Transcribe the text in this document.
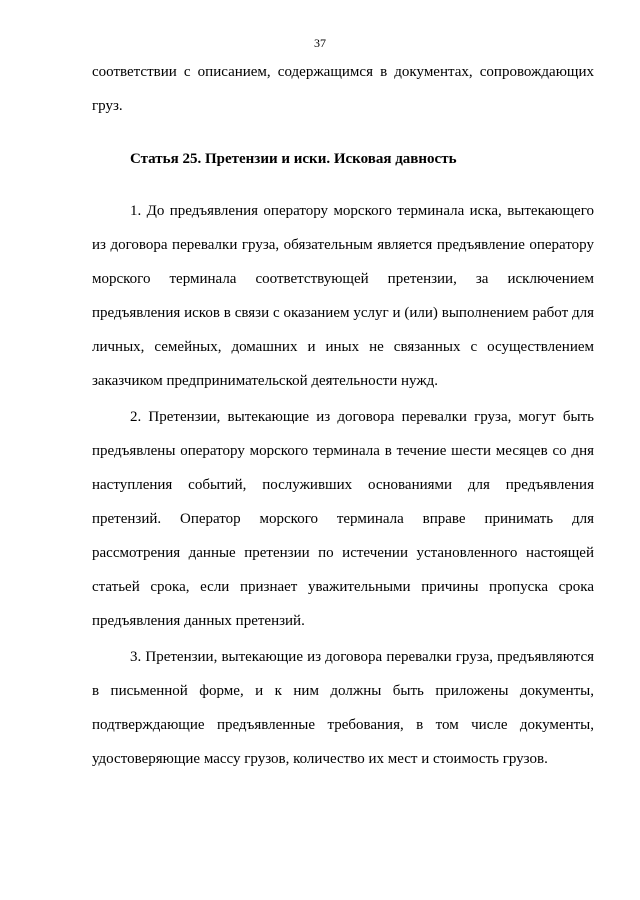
37

соответствии с описанием, содержащимся в документах, сопровождающих груз.

Статья 25. Претензии и иски. Исковая давность

1. До предъявления оператору морского терминала иска, вытекающего из договора перевалки груза, обязательным является предъявление оператору морского терминала соответствующей претензии, за исключением предъявления исков в связи с оказанием услуг и (или) выполнением работ для личных, семейных, домашних и иных не связанных с осуществлением заказчиком предпринимательской деятельности нужд.

2. Претензии, вытекающие из договора перевалки груза, могут быть предъявлены оператору морского терминала в течение шести месяцев со дня наступления событий, послуживших основаниями для предъявления претензий. Оператор морского терминала вправе принимать для рассмотрения данные претензии по истечении установленного настоящей статьей срока, если признает уважительными причины пропуска срока предъявления данных претензий.

3. Претензии, вытекающие из договора перевалки груза, предъявляются в письменной форме, и к ним должны быть приложены документы, подтверждающие предъявленные требования, в том числе документы, удостоверяющие массу грузов, количество их мест и стоимость грузов.
